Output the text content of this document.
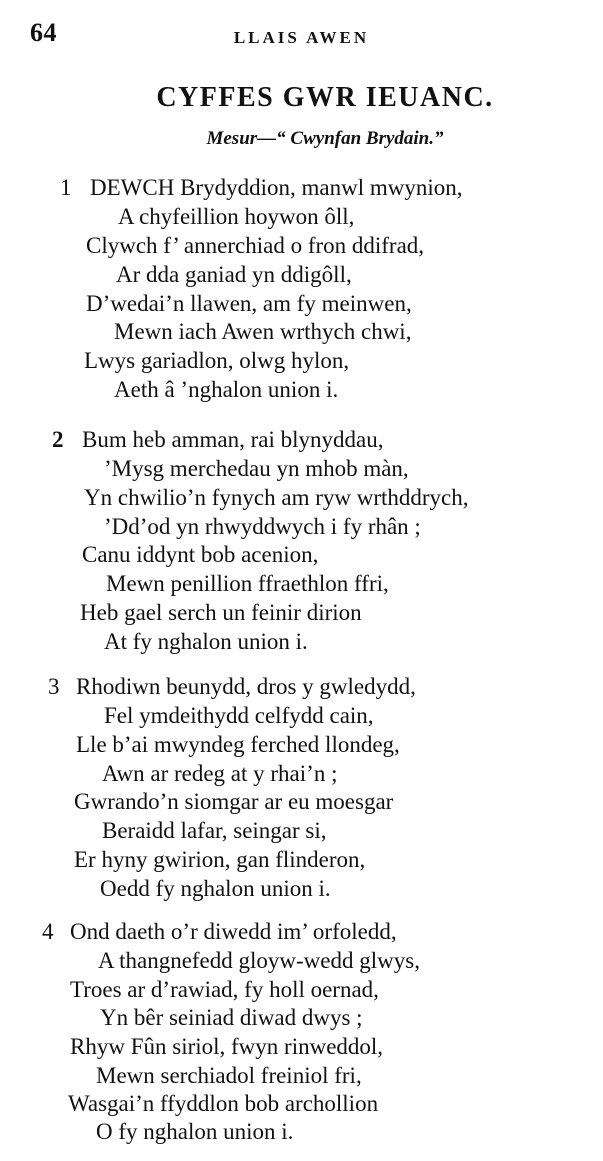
64	LLAIS AWEN
CYFFES GWR IEUANC.
Mesur—“ Cwynfan Brydain.”
1 DEWCH Brydyddion, manwl mwynion,
A chyfeillion hoywon ôll,
Clywch f’ annerchiad o fron ddifrad,
Ar dda ganiad yn ddigôll,
D’wedai’n llawen, am fy meinwen,
Mewn iach Awen wrthych chwi,
Lwys gariadlon, olwg hylon,
Aeth â ’nghalon union i.
2 Bum heb amman, rai blynyddau,
’Mysg merchedau yn mhob màn,
Yn chwilio’n fynych am ryw wrthddrych,
’Dd’od yn rhwyddwych i fy rhân ;
Canu iddynt bob acenion,
Mewn penillion ffraethlon ffri,
Heb gael serch un feinir dirion
At fy nghalon union i.
3 Rhodiwn beunydd, dros y gwledydd,
Fel ymdeithydd celfydd cain,
Lle b’ai mwyndeg ferched llondeg,
Awn ar redeg at y rhai’n ;
Gwrando’n siomgar ar eu moesgar
Beraidd lafar, seingar si,
Er hyny gwirion, gan flinderon,
Oedd fy nghalon union i.
4 Ond daeth o’r diwedd im’ orfoledd,
A thangnefedd gloyw-wedd glwys,
Troes ar d’rawiad, fy holl oernad,
Yn bêr seiniad diwad dwys ;
Rhyw Fûn siriol, fwyn rinweddol,
Mewn serchiadol freiniol fri,
Wasgai’n ffyddlon bob archollion
O fy nghalon union i.
